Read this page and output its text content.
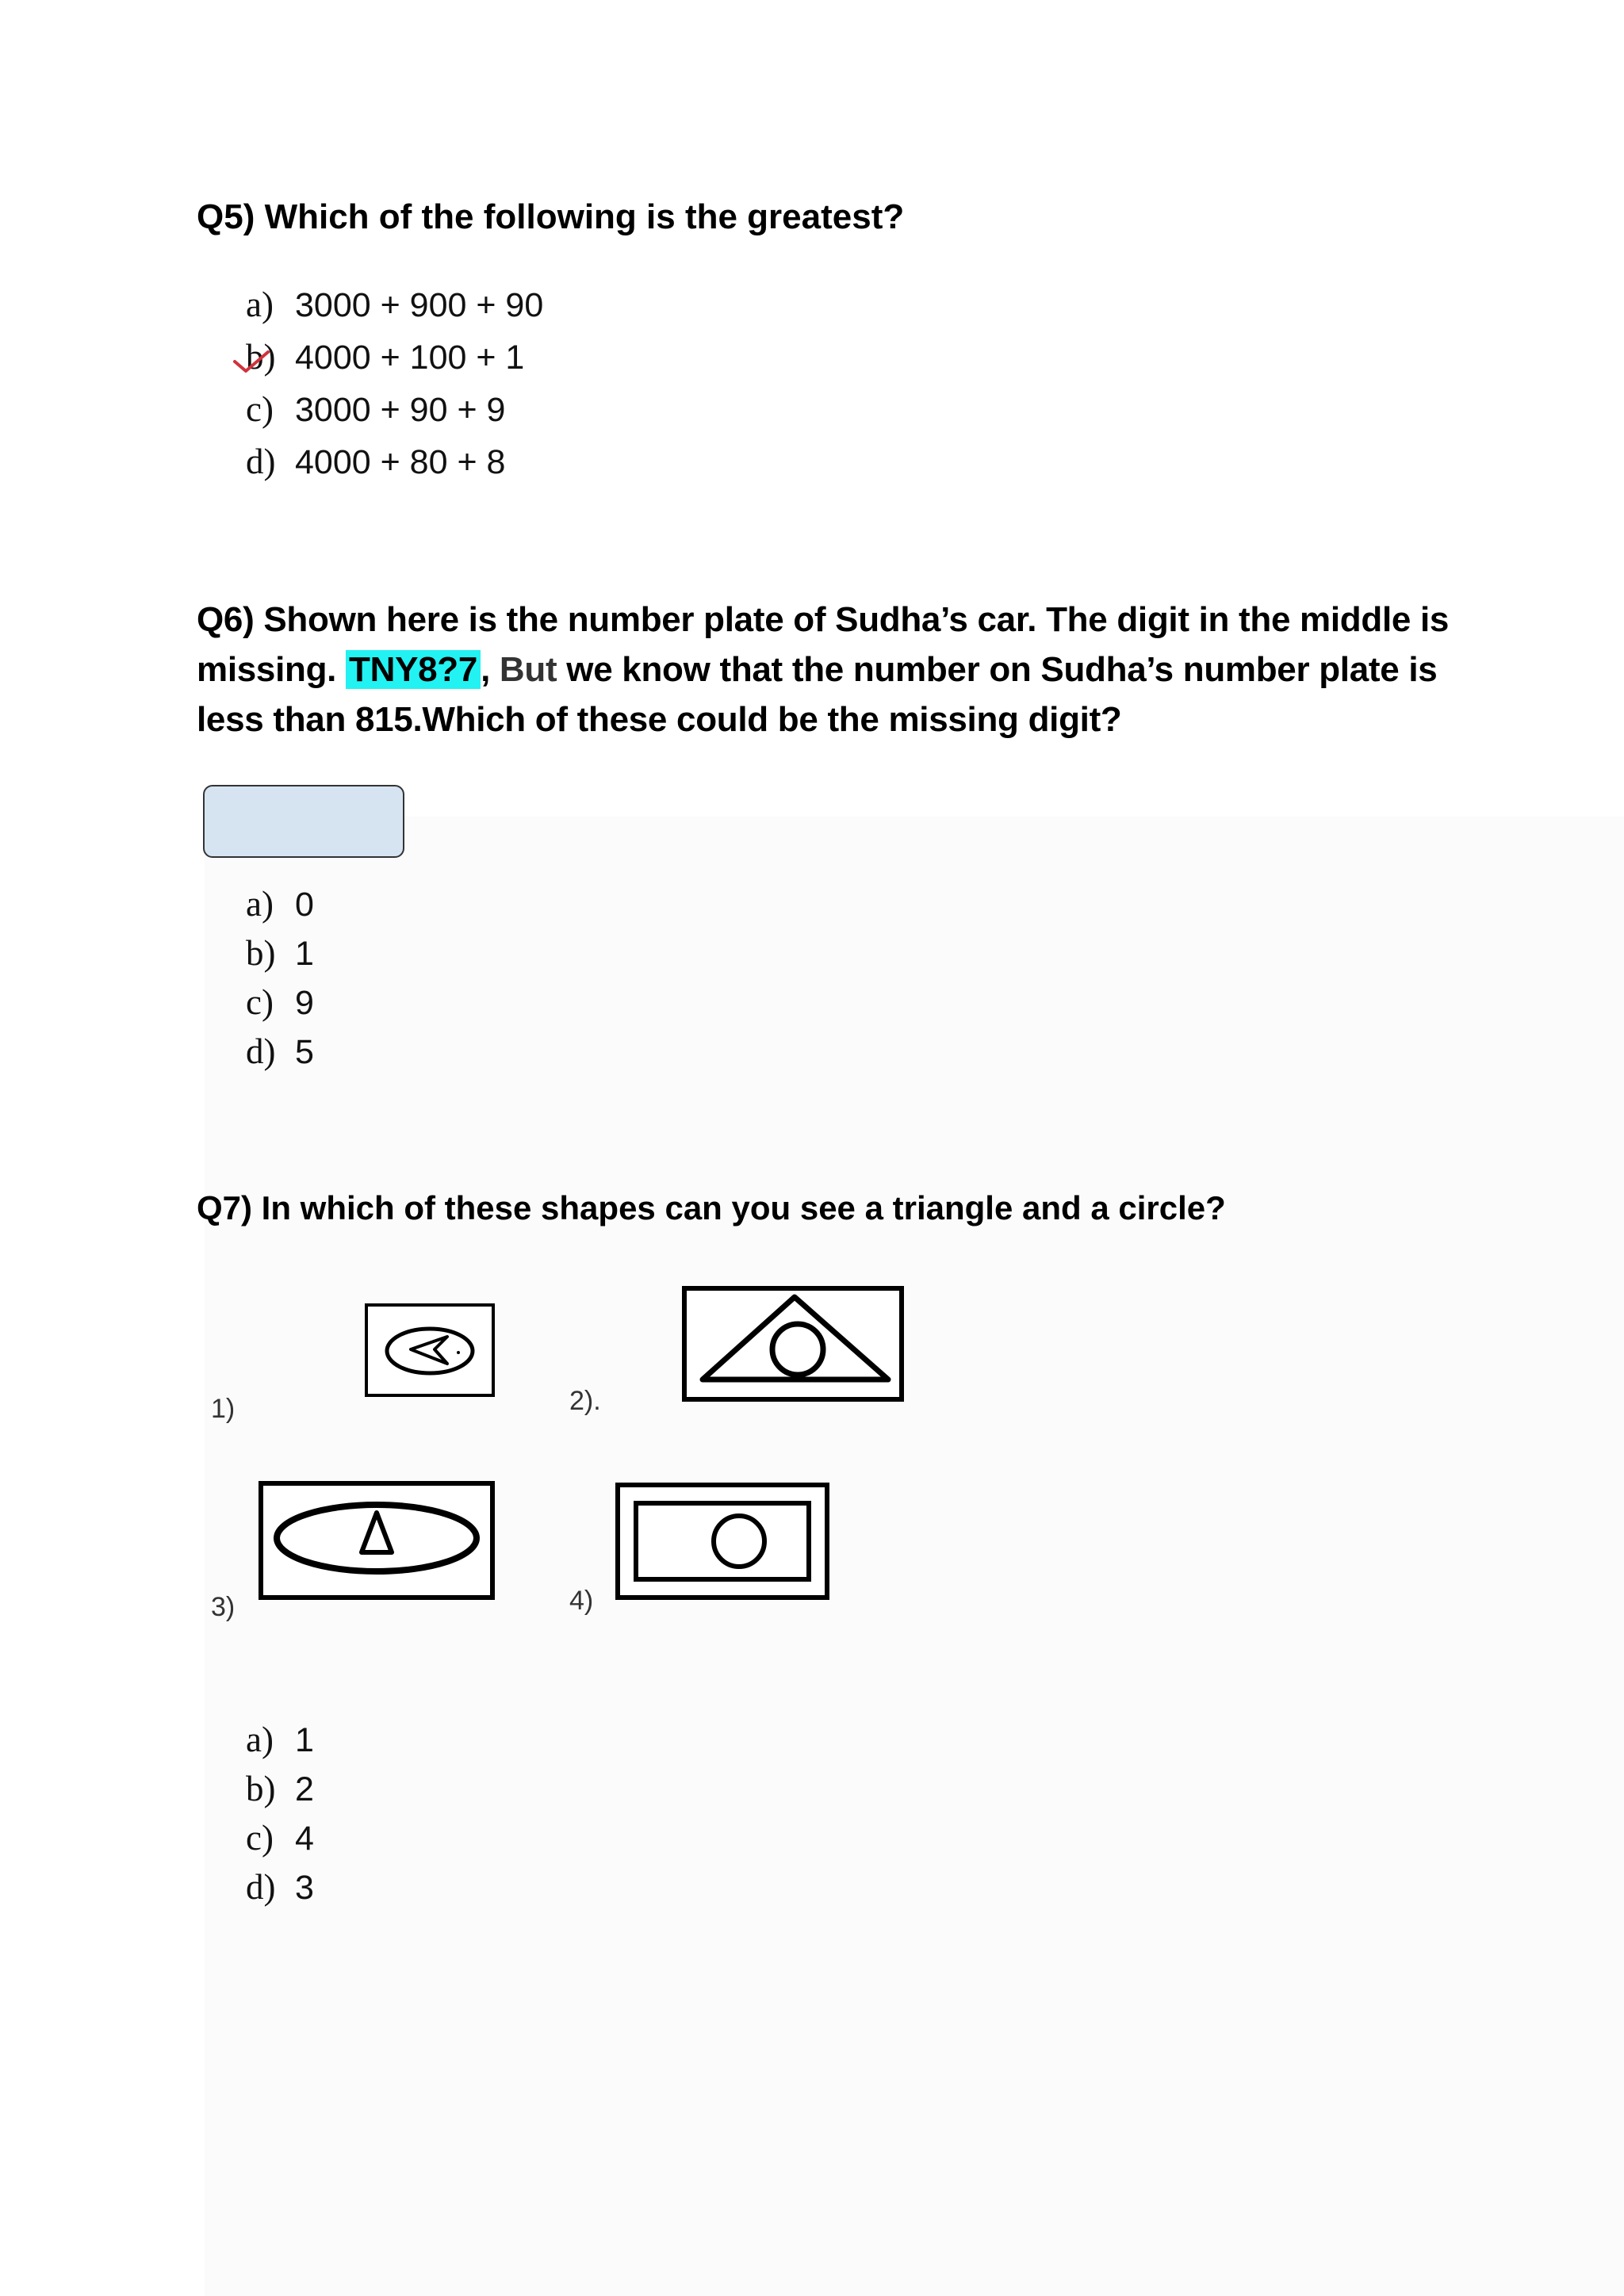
Q5) Which of the following is the greatest?
a) 3000 + 900 + 90
b) 4000 + 100 + 1
c) 3000 + 90 + 9
d) 4000 + 80 + 8
Q6) Shown here is the number plate of Sudha’s car. The digit in the middle is missing. TNY8?7, But we know that the number on Sudha’s number plate is less than 815.Which of these could be the missing digit?
a) 0
b) 1
c) 9
d) 5
Q7) In which of these shapes can you see a triangle and a circle?
1)	2).
3)	4)
a) 1
b) 2
c) 4
d) 3
